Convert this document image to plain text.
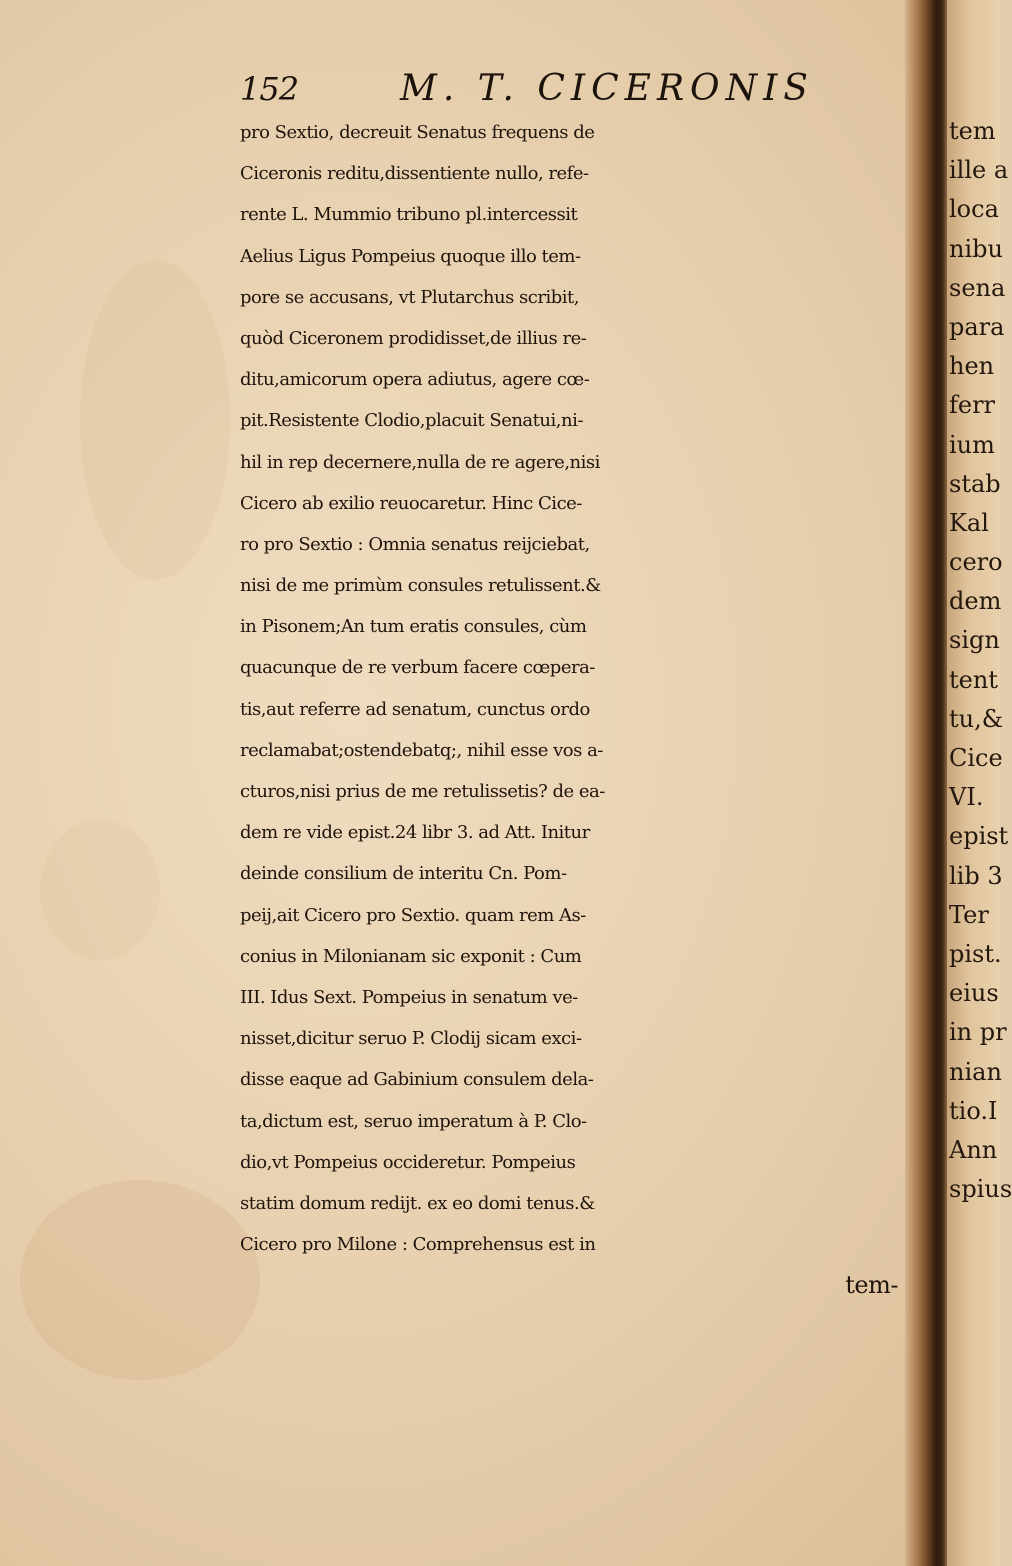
152	M. T. CICERONIS
pro Sextio, decreuit Senatus frequens de
Ciceronis reditu,dissentiente nullo, refe-
rente L. Mummio tribuno pl.intercessit
Aelius Ligus Pompeius quoque illo tem-
pore se accusans, vt Plutarchus scribit,
quòd Ciceronem prodidisset,de illius re-
ditu,amicorum opera adiutus, agere cœ-
pit.Resistente Clodio,placuit Senatui,ni-
hil in rep decernere,nulla de re agere,nisi
Cicero ab exilio reuocaretur. Hinc Cice-
ro pro Sextio : Omnia senatus reijciebat,
nisi de me primùm consules retulissent.&
in Pisonem;An tum eratis consules, cùm
quacunque de re verbum facere cœpera-
tis,aut referre ad senatum, cunctus ordo
reclamabat;ostendebatq;, nihil esse vos a-
cturos,nisi prius de me retulissetis? de ea-
dem re vide epist.24 libr 3. ad Att. Initur
deinde consilium de interitu Cn. Pom-
peij,ait Cicero pro Sextio. quam rem As-
conius in Milonianam sic exponit : Cum
III. Idus Sext. Pompeius in senatum ve-
nisset,dicitur seruo P. Clodij sicam exci-
disse eaque ad Gabinium consulem dela-
ta,dictum est, seruo imperatum à P. Clo-
dio,vt Pompeius occideretur. Pompeius
statim domum redijt. ex eo domi tenus.&
Cicero pro Milone : Comprehensus est in
tem-
tem
ille a
loca
nibu
sena
para
hen
ferr
ium
stab
Kal
cero
dem
sign
tent
tu,&
Cice
VI.
epist
lib 3
Ter
pist.
eius
in pr
nian
tio.I
Ann
spius
